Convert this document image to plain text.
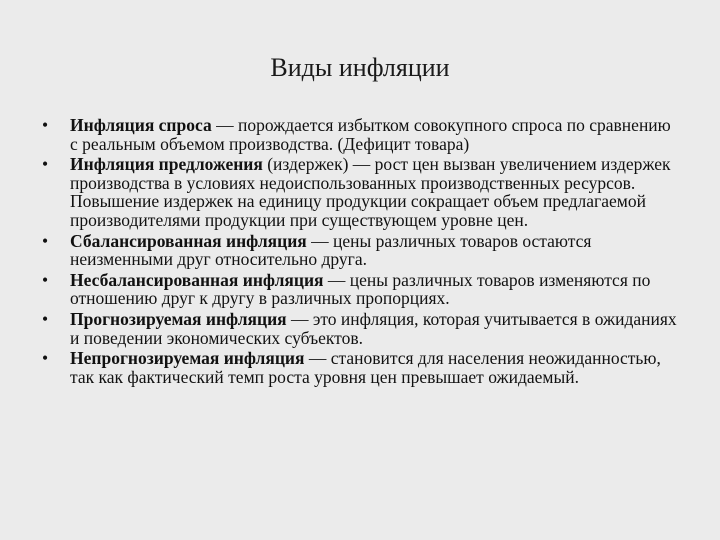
Виды инфляции
• Инфляция спроса — порождается избытком совокупного спроса по сравнению с реальным объемом производства. (Дефицит товара)
• Инфляция предложения (издержек) — рост цен вызван увеличением издержек производства в условиях недоиспользованных производственных ресурсов. Повышение издержек на единицу продукции сокращает объем предлагаемой производителями продукции при существующем уровне цен.
• Сбалансированная инфляция — цены различных товаров остаются неизменными друг относительно друга.
• Несбалансированная инфляция — цены различных товаров изменяются по отношению друг к другу в различных пропорциях.
• Прогнозируемая инфляция — это инфляция, которая учитывается в ожиданиях и поведении экономических субъектов.
• Непрогнозируемая инфляция — становится для населения неожиданностью, так как фактический темп роста уровня цен превышает ожидаемый.
